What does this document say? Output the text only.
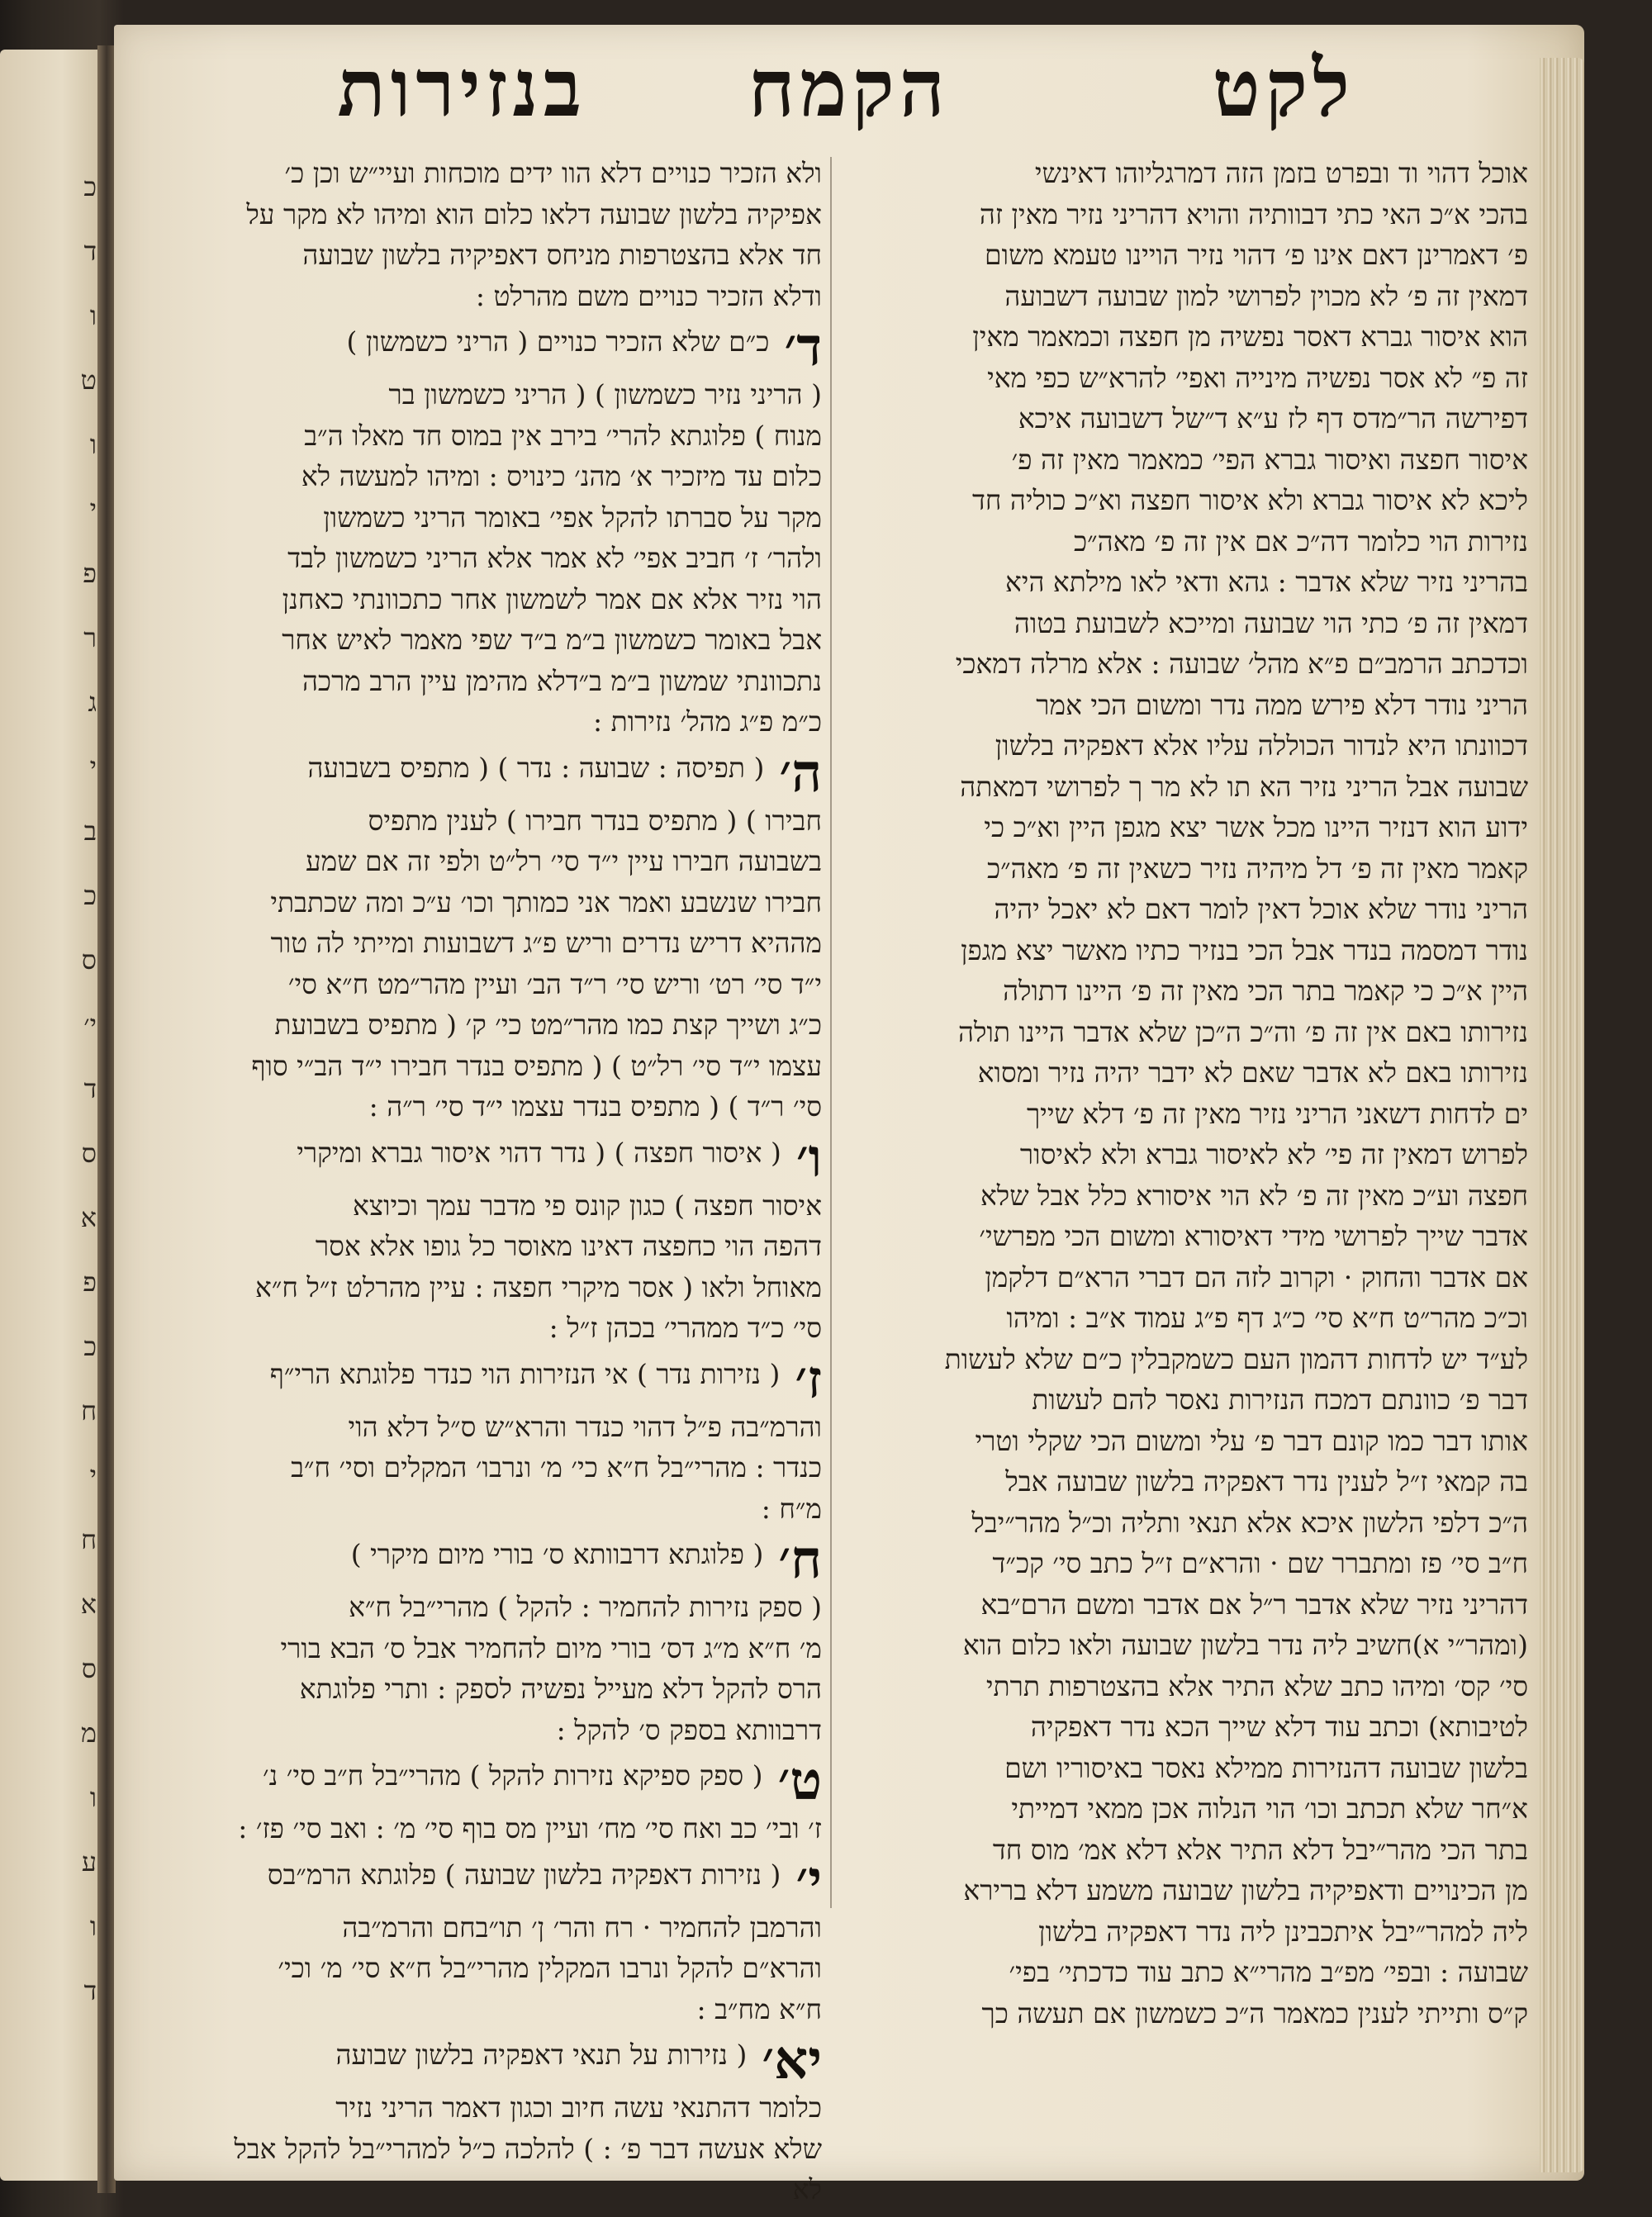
כ
ד
ו
ט
ו
י
פ
ר
ג
י
ב
כ
ס
י׳
ד
ס
א
פ
כ
ח
י
ח
א
ס
מ
ו
ע
ו
ד
לקט
הקמח
בנזירות
אוכל דהוי וד ובפרט בזמן הזה דמרגליוהו דאינשי
בהכי א״כ האי כתי דבוותיה והויא דהריני נזיר מאין זה
פ׳ דאמרינן דאם אינו פ׳ דהוי נזיר הויינו טעמא משום
דמאין זה פ׳ לא מכוין לפרושי למון שבועה דשבועה
הוא איסור גברא דאסר נפשיה מן חפצה וכמאמר מאין
זה פ״ לא אסר נפשיה מינייה ואפי׳ להרא״ש כפי מאי
דפירשה הר״מדס דף לז ע״א ד״של דשבועה איכא
איסור חפצה ואיסור גברא הפי׳ כמאמר מאין זה פ׳
ליכא לא איסור גברא ולא איסור חפצה וא״כ כוליה חד
נזירות הוי כלומר דה״כ אם אין זה פ׳ מאה״כ
בהריני נזיר שלא אדבר : גהא ודאי לאו מילתא היא
דמאין זה פ׳ כתי הוי שבועה ומייכא לשבועת בטוה
וכדכתב הרמב״ם פ״א מהל׳ שבועה : אלא מרלה דמאכי
הריני נודר דלא פירש ממה נדר ומשום הכי אמר
דכוונתו היא לנדור הכוללה עליו אלא דאפקיה בלשון
שבועה אבל הריני נזיר הא תו לא מר ך לפרושי דמאתה
ידוע הוא דנזיר היינו מכל אשר יצא מגפן היין וא״כ כי
קאמר מאין זה פ׳ דל מיהיה נזיר כשאין זה פ׳ מאה״כ
הריני נודר שלא אוכל דאין לומר דאם לא יאכל יהיה
נודר דמסמה בנדר אבל הכי בנזיר כתיו מאשר יצא מגפן
היין א״כ כי קאמר בתר הכי מאין זה פ׳ היינו דתולה
נזירותו באם אין זה פ׳ וה״כ ה״כן שלא אדבר היינו תולה
נזירותו באם לא אדבר שאם לא ידבר יהיה נזיר ומסוא
ים לדחות דשאני הריני נזיר מאין זה פ׳ דלא שייך
לפרוש דמאין זה פי׳ לא לאיסור גברא ולא לאיסור
חפצה וע״כ מאין זה פ׳ לא הוי איסורא כלל אבל שלא
אדבר שייך לפרושי מידי דאיסורא ומשום הכי מפרשי׳
אם אדבר והחוק · וקרוב לזה הם דברי הרא״ם דלקמן
וכ״כ מהר״ט ח״א סי׳ כ״ג דף פ״ג עמוד א״ב : ומיהו
לע״ד יש לדחות דהמון העם כשמקבלין כ״ם שלא לעשות
דבר פ׳ כוונתם דמכח הנזירות נאסר להם לעשות
אותו דבר כמו קונם דבר פ׳ עלי ומשום הכי שקלי וטרי
בה קמאי ז״ל לענין נדר דאפקיה בלשון שבועה אבל
ה״כ דלפי הלשון איכא אלא תנאי ותליה וכ״ל מהר״יבל
ח״ב סי׳ פז ומתברר שם · והרא״ם ז״ל כתב סי׳ קכ״ד
דהריני נזיר שלא אדבר ר״ל אם אדבר ומשם הרם״בא
(ומהר״י א)חשיב ליה נדר בלשון שבועה ולאו כלום הוא
סי׳ קס׳ ומיהו כתב שלא התיר אלא בהצטרפות תרתי
לטיבותא) וכתב עוד דלא שייך הכא נדר דאפקיה
בלשון שבועה דהנזירות ממילא נאסר באיסוריו ושם
א״חר שלא תכתב וכו׳ הוי הנלוה אכן ממאי דמייתי
בתר הכי מהר״יבל דלא התיר אלא דלא אמ׳ מוס חד
מן הכינויים ודאפיקיה בלשון שבועה משמע דלא ברירא
ליה למהר״יבל איתכבינן ליה נדר דאפקיה בלשון
שבועה : ובפי׳ מפ״ב מהרי״א כתב עוד כדכתי׳ בפי׳
ק״ס ותייתי לענין כמאמר ה״כ כשמשון אם תעשה כך
ולא הזכיר כנויים דלא הוו ידים מוכחות ועיי״ש וכן כ׳
אפיקיה בלשון שבועה דלאו כלום הוא ומיהו לא מקר על
חד אלא בהצטרפות מניחס דאפיקיה בלשון שבועה
ודלא הזכיר כנויים משם מהרלט :
ד׳כ״ם שלא הזכיר כנויים ( הריני כשמשון )
( הריני נזיר כשמשון ) ( הריני כשמשון בר
מנוח ) פלוגתא להרי׳ בירב אין במוס חד מאלו ה״ב
כלום עד מיזכיר א׳ מהנ׳ כינויס : ומיהו למעשה לא
מקר על סברתו להקל אפי׳ באומר הריני כשמשון
ולהר׳ ז׳ חביב אפי׳ לא אמר אלא הריני כשמשון לבד
הוי נזיר אלא אם אמר לשמשון אחר כתכוונתי כאחנן
אבל באומר כשמשון ב״מ ב״ד שפי מאמר לאיש אחר
נתכוונתי שמשון ב״מ ב״דלא מהימן עיין הרב מרכה
כ״מ פ״ג מהל׳ נזירות :
ה׳( תפיסה : שבועה : נדר ) ( מתפיס בשבועה
חבירו ) ( מתפיס בנדר חבירו ) לענין מתפיס
בשבועה חבירו עיין י״ד סי׳ רל״ט ולפי זה אם שמע
חבירו שנשבע ואמר אני כמותך וכו׳ ע״כ ומה שכתבתי
מההיא דריש נדרים וריש פ״ג דשבועות ומייתי לה טור
י״ד סי׳ רט׳ וריש סי׳ ר״ד הב׳ ועיין מהר״מט ח״א סי׳
כ״ג ושייך קצת כמו מהר״מט כי׳ ק׳ ( מתפיס בשבועת
עצמו י״ד סי׳ רל״ט ) ( מתפיס בנדר חבירו י״ד הב״י סוף
סי׳ ר״ד ) ( מתפיס בנדר עצמו י״ד סי׳ ר״ה :
ו׳( איסור חפצה ) ( נדר דהוי איסור גברא ומיקרי
איסור חפצה ) כגון קונס פי מדבר עמך וכיוצא
דהפה הוי כחפצה דאינו מאוסר כל גופו אלא אסר
מאוחל ולאו ( אסר מיקרי חפצה : עיין מהרלט ז״ל ח״א
סי׳ כ״ד ממהרי׳ בכהן ז״ל :
ז׳( נזירות נדר ) אי הנזירות הוי כנדר פלוגתא הרי״ף
והרמ״בה פ״ל דהוי כנדר והרא״ש ס״ל דלא הוי
כנדר : מהרי״בל ח״א כי׳ מ׳ ונרבו׳ המקלים וסי׳ ח״ב
מ״ח :
ח׳( פלוגתא דרבוותא ס׳ בורי מיום מיקרי )
( ספק נזירות להחמיר : להקל ) מהרי״בל ח״א
מ׳ ח״א מ״ג דס׳ בורי מיום להחמיר אבל ס׳ הבא בורי
הרס להקל דלא מעייל נפשיה לספק : ותרי פלוגתא
דרבוותא בספק ס׳ להקל :
ט׳( ספק ספיקא נזירות להקל ) מהרי״בל ח״ב סי׳ נ׳
ז׳ ובי׳ כב ואח סי׳ מח׳ ועיין מס בוף סי׳ מ׳ : ואב סי׳ פז׳ :
י׳( נזירות דאפקיה בלשון שבועה ) פלוגתא הרמ״בס
והרמבן להחמיר · רח והר׳ ן׳ תו״בחם והרמ״בה
והרא״ם להקל ונרבו המקלין מהרי״בל ח״א סי׳ מ׳ וכי׳
ח״א מח״ב :
יא׳( נזירות על תנאי דאפקיה בלשון שבועה
כלומר דהתנאי עשה חיוב וכגון דאמר הריני נזיר
שלא אעשה דבר פ׳ : ) להלכה כ״ל למהרי״בל להקל אבל
לא
